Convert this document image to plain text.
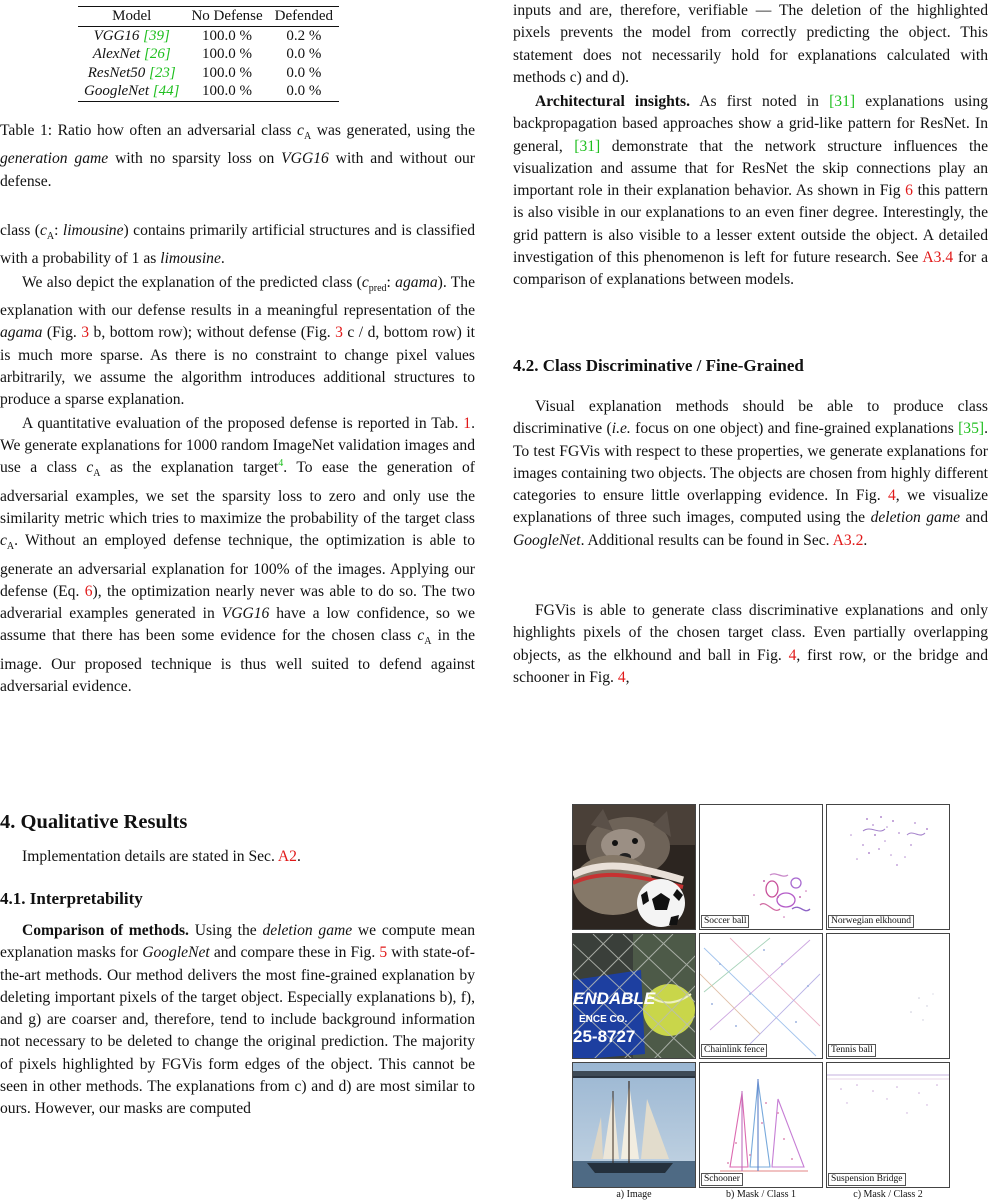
Model	No Defense	Defended
VGG16 [39]	100.0 %	0.2 %
AlexNet [26]	100.0 %	0.0 %
ResNet50 [23]	100.0 %	0.0 %
GoogleNet [44]	100.0 %	0.0 %

Table 1: Ratio how often an adversarial class $c_A$ was generated, using the generation game with no sparsity loss on VGG16 with and without our defense.

class ($c_A$: limousine) contains primarily artificial structures and is classified with a probability of 1 as limousine.

We also depict the explanation of the predicted class ($c_{pred}$: agama). The explanation with our defense results in a meaningful representation of the agama (Fig. 3 b, bottom row); without defense (Fig. 3 c / d, bottom row) it is much more sparse. As there is no constraint to change pixel values arbitrarily, we assume the algorithm introduces additional structures to produce a sparse explanation.

A quantitative evaluation of the proposed defense is reported in Tab. 1. We generate explanations for 1000 random ImageNet validation images and use a class $c_A$ as the explanation target$^4$. To ease the generation of adversarial examples, we set the sparsity loss to zero and only use the similarity metric which tries to maximize the probability of the target class $c_A$. Without an employed defense technique, the optimization is able to generate an adversarial explanation for 100% of the images. Applying our defense (Eq. 6), the optimization nearly never was able to do so. The two adverarial examples generated in VGG16 have a low confidence, so we assume that there has been some evidence for the chosen class $c_A$ in the image. Our proposed technique is thus well suited to defend against adversarial evidence.

4. Qualitative Results

Implementation details are stated in Sec. A2.

4.1. Interpretability

Comparison of methods. Using the deletion game we compute mean explanation masks for GoogleNet and compare these in Fig. 5 with state-of-the-art methods. Our method delivers the most fine-grained explanation by deleting important pixels of the target object. Especially explanations b), f), and g) are coarser and, therefore, tend to include background information not necessary to be deleted to change the original prediction. The majority of pixels highlighted by FGVis form edges of the object. This cannot be seen in other methods. The explanations from c) and d) are most similar to ours. However, our masks are computed

inputs and are, therefore, verifiable — The deletion of the highlighted pixels prevents the model from correctly predicting the object. This statement does not necessarily hold for explanations calculated with methods c) and d).

Architectural insights. As first noted in [31] explanations using backpropagation based approaches show a grid-like pattern for ResNet. In general, [31] demonstrate that the network structure influences the visualization and assume that for ResNet the skip connections play an important role in their explanation behavior. As shown in Fig 6 this pattern is also visible in our explanations to an even finer degree. Interestingly, the grid pattern is also visible to a lesser extent outside the object. A detailed investigation of this phenomenon is left for future research. See A3.4 for a comparison of explanations between models.

4.2. Class Discriminative / Fine-Grained

Visual explanation methods should be able to produce class discriminative (i.e. focus on one object) and fine-grained explanations [35]. To test FGVis with respect to these properties, we generate explanations for images containing two objects. The objects are chosen from highly different categories to ensure little overlapping evidence. In Fig. 4, we visualize explanations of three such images, computed using the deletion game and GoogleNet. Additional results can be found in Sec. A3.2.

FGVis is able to generate class discriminative explanations and only highlights pixels of the chosen target class. Even partially overlapping objects, as the elkhound and ball in Fig. 4, first row, or the bridge and schooner in Fig. 4,

Soccer ball	Norwegian elkhound
ENDABLE
ENCE CO.
25-8727
Chainlink fence	Tennis ball
Schooner	Suspension Bridge
a) Image	b) Mask / Class 1	c) Mask / Class 2
